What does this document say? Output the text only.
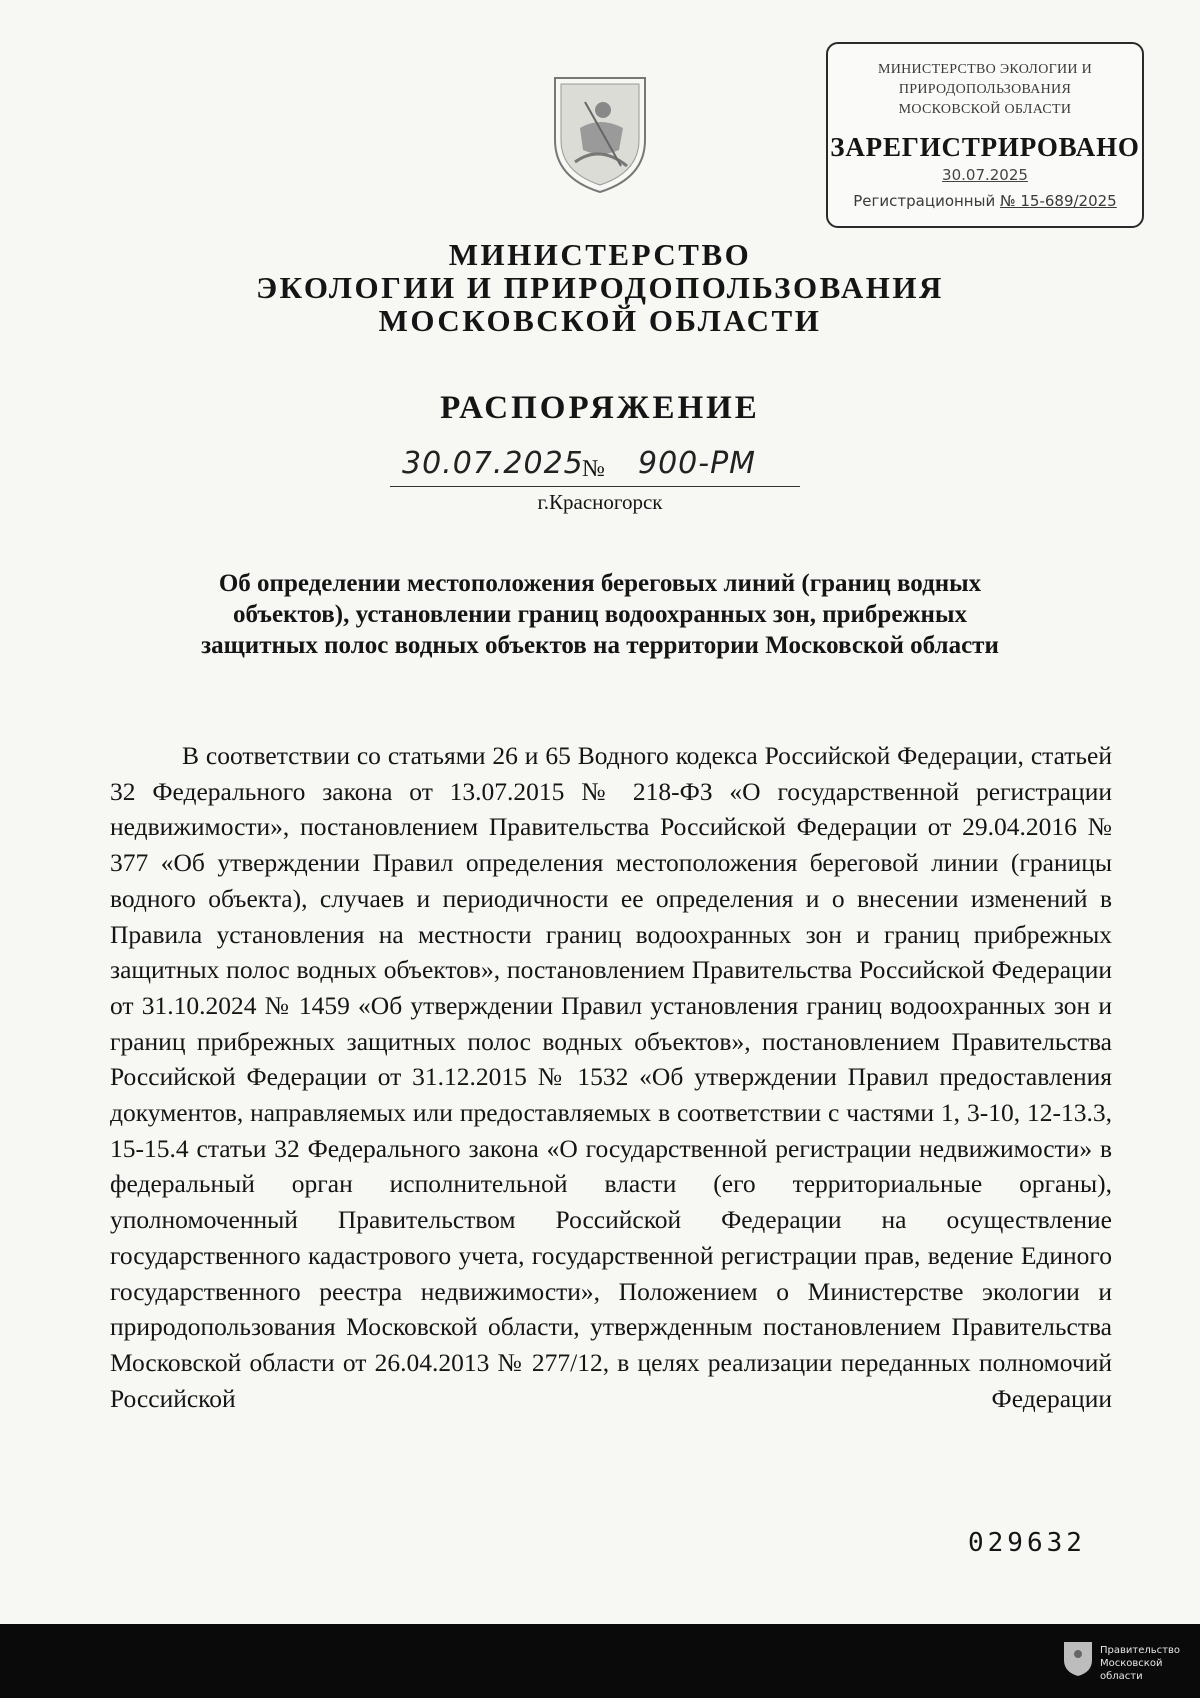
МИНИСТЕРСТВО ЭКОЛОГИИ И
ПРИРОДОПОЛЬЗОВАНИЯ
МОСКОВСКОЙ ОБЛАСТИ
ЗАРЕГИСТРИРОВАНО
30.07.2025
Регистрационный № 15-689/2025
МИНИСТЕРСТВО
ЭКОЛОГИИ И ПРИРОДОПОЛЬЗОВАНИЯ
МОСКОВСКОЙ ОБЛАСТИ
РАСПОРЯЖЕНИЕ
30.07.2025
№ 900-РМ
г.Красногорск
Об определении местоположения береговых линий (границ водных
объектов), установлении границ водоохранных зон, прибрежных
защитных полос водных объектов на территории Московской области
В соответствии со статьями 26 и 65 Водного кодекса Российской Федерации, статьей 32 Федерального закона от 13.07.2015 № 218-ФЗ «О государственной регистрации недвижимости», постановлением Правительства Российской Федерации от 29.04.2016 № 377 «Об утверждении Правил определения местоположения береговой линии (границы водного объекта), случаев и периодичности ее определения и о внесении изменений в Правила установления на местности границ водоохранных зон и границ прибрежных защитных полос водных объектов», постановлением Правительства Российской Федерации от 31.10.2024 № 1459 «Об утверждении Правил установления границ водоохранных зон и границ прибрежных защитных полос водных объектов», постановлением Правительства Российской Федерации от 31.12.2015 № 1532 «Об утверждении Правил предоставления документов, направляемых или предоставляемых в соответствии с частями 1, 3-10, 12-13.3, 15-15.4 статьи 32 Федерального закона «О государственной регистрации недвижимости» в федеральный орган исполнительной власти (его территориальные органы), уполномоченный Правительством Российской Федерации на осуществление государственного кадастрового учета, государственной регистрации прав, ведение Единого государственного реестра недвижимости», Положением о Министерстве экологии и природопользования Московской области, утвержденным постановлением Правительства Московской области от 26.04.2013 № 277/12, в целях реализации переданных полномочий Российской Федерации
029632
Правительство
Московской области
